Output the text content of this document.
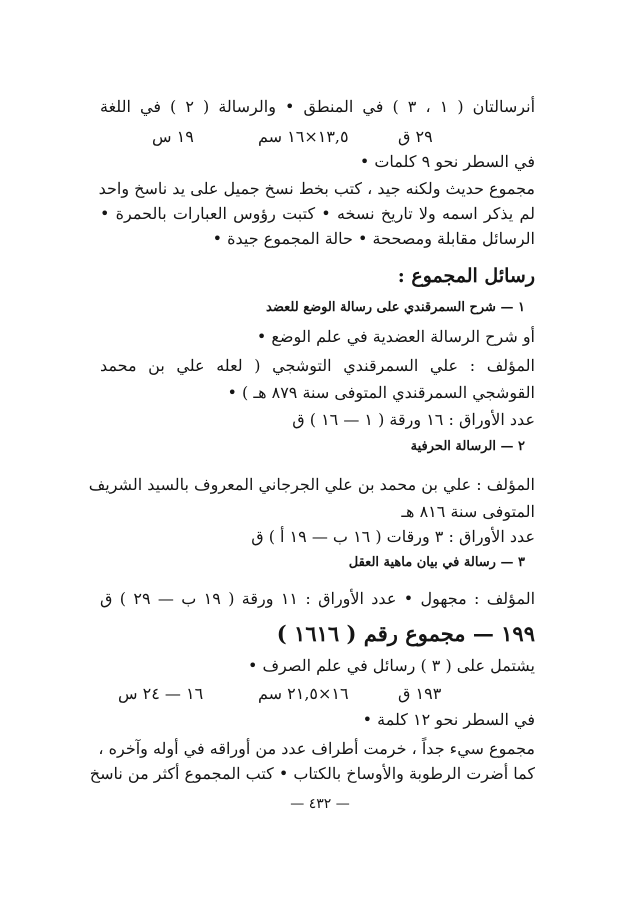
أنرسالتان ( ١ ، ٣ ) في المنطق • والرسالة ( ٢ ) في اللغة
١٩ س	١٣,٥×١٦ سم	٢٩ ق
في السطر نحو ٩ كلمات •
مجموع حديث ولكنه جيد ، كتب بخط نسخ جميل على يد ناسخ واحد
لم يذكر اسمه ولا تاريخ نسخه • كتبت رؤوس العبارات بالحمرة •
الرسائل مقابلة ومصححة • حالة المجموع جيدة •
رسائل المجموع :
١ — شرح السمرقندي على رسالة الوضع للعضد
أو شرح الرسالة العضدية في علم الوضع •
المؤلف : علي السمرقندي التوشجي ( لعله علي بن محمد
القوشجي السمرقندي المتوفى سنة ٨٧٩ هـ ) •
عدد الأوراق : ١٦ ورقة ( ١ — ١٦ ) ق
٢ — الرسالة الحرفية
المؤلف : علي بن محمد بن علي الجرجاني المعروف بالسيد الشريف
المتوفى سنة ٨١٦ هـ
عدد الأوراق : ٣ ورقات ( ١٦ ب — ١٩ أ ) ق
٣ — رسالة في بيان ماهية العقل
المؤلف : مجهول • عدد الأوراق : ١١ ورقة ( ١٩ ب — ٢٩ ) ق
١٩٩ — مجموع رقم ( ١٦١٦ )
يشتمل على ( ٣ ) رسائل في علم الصرف •
١٦ — ٢٤ س	١٦×٢١,٥ سم	١٩٣ ق
في السطر نحو ١٢ كلمة •
مجموع سيء جداً ، خرمت أطراف عدد من أوراقه في أوله وآخره ،
كما أضرت الرطوبة والأوساخ بالكتاب • كتب المجموع أكثر من ناسخ
— ٤٣٢ —
